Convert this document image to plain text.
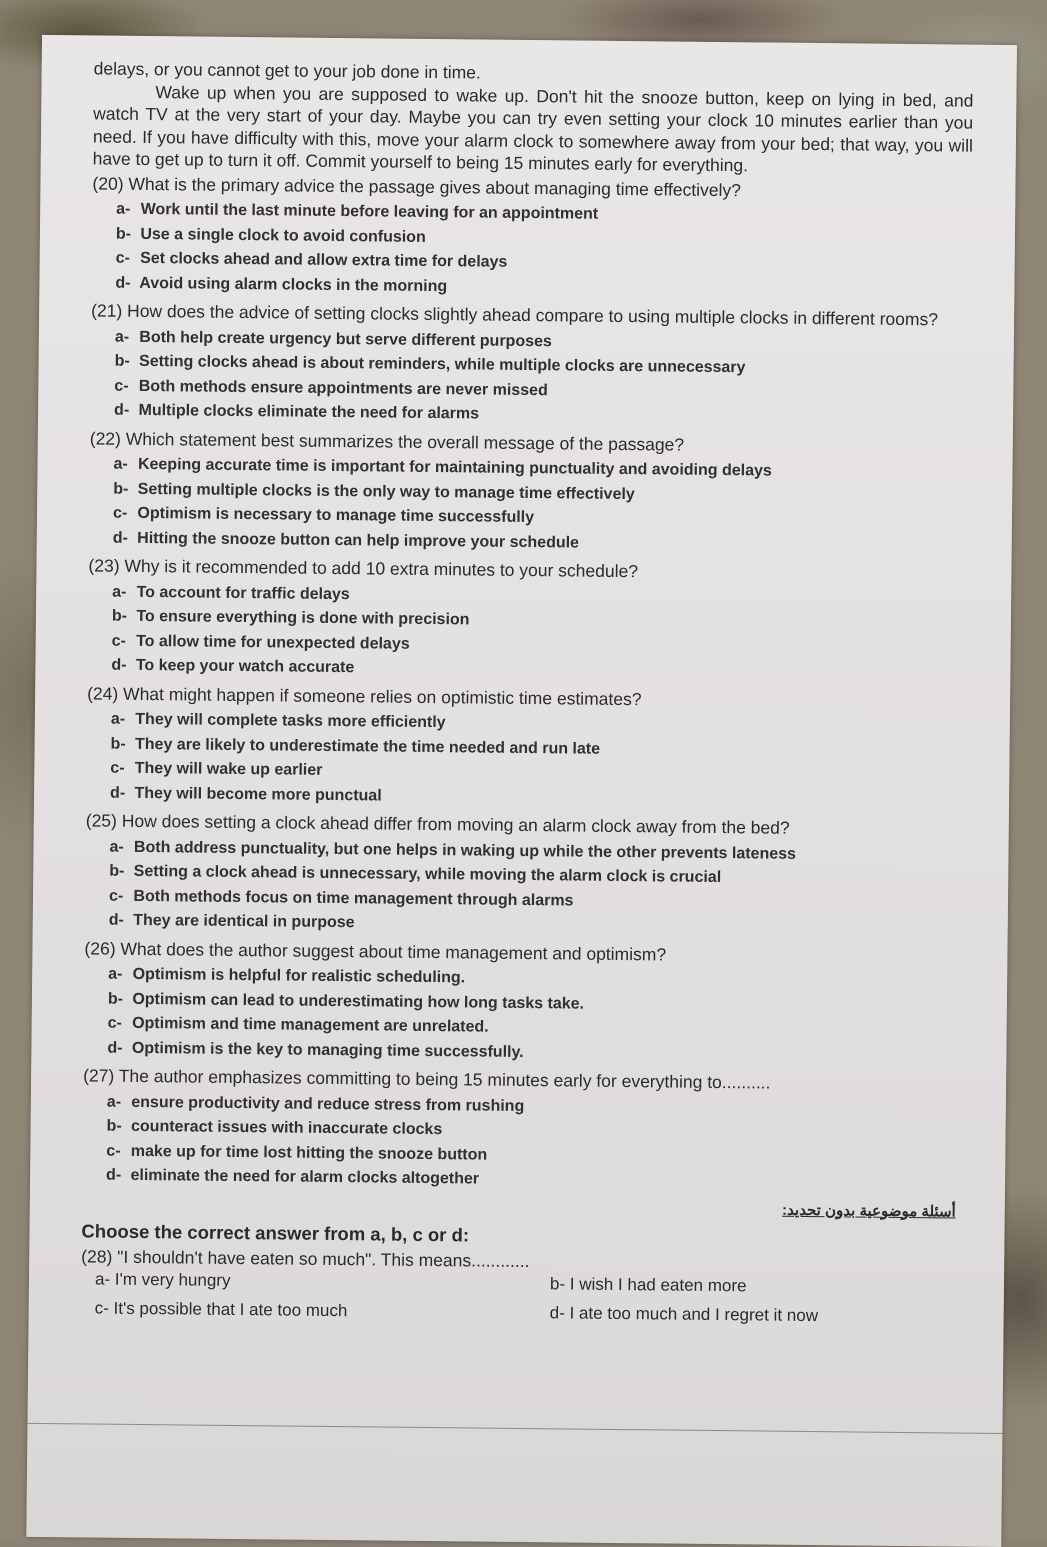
delays, or you cannot get to your job done in time.

Wake up when you are supposed to wake up. Don't hit the snooze button, keep on lying in bed, and watch TV at the very start of your day. Maybe you can try even setting your clock 10 minutes earlier than you need. If you have difficulty with this, move your alarm clock to somewhere away from your bed; that way, you will have to get up to turn it off. Commit yourself to being 15 minutes early for everything.

(20) What is the primary advice the passage gives about managing time effectively?
a- Work until the last minute before leaving for an appointment
b- Use a single clock to avoid confusion
c- Set clocks ahead and allow extra time for delays
d- Avoid using alarm clocks in the morning
(21) How does the advice of setting clocks slightly ahead compare to using multiple clocks in different rooms?
a- Both help create urgency but serve different purposes
b- Setting clocks ahead is about reminders, while multiple clocks are unnecessary
c- Both methods ensure appointments are never missed
d- Multiple clocks eliminate the need for alarms
(22) Which statement best summarizes the overall message of the passage?
a- Keeping accurate time is important for maintaining punctuality and avoiding delays
b- Setting multiple clocks is the only way to manage time effectively
c- Optimism is necessary to manage time successfully
d- Hitting the snooze button can help improve your schedule
(23) Why is it recommended to add 10 extra minutes to your schedule?
a- To account for traffic delays
b- To ensure everything is done with precision
c- To allow time for unexpected delays
d- To keep your watch accurate
(24) What might happen if someone relies on optimistic time estimates?
a- They will complete tasks more efficiently
b- They are likely to underestimate the time needed and run late
c- They will wake up earlier
d- They will become more punctual
(25) How does setting a clock ahead differ from moving an alarm clock away from the bed?
a- Both address punctuality, but one helps in waking up while the other prevents lateness
b- Setting a clock ahead is unnecessary, while moving the alarm clock is crucial
c- Both methods focus on time management through alarms
d- They are identical in purpose
(26) What does the author suggest about time management and optimism?
a- Optimism is helpful for realistic scheduling.
b- Optimism can lead to underestimating how long tasks take.
c- Optimism and time management are unrelated.
d- Optimism is the key to managing time successfully.
(27) The author emphasizes committing to being 15 minutes early for everything to..........
a- ensure productivity and reduce stress from rushing
b- counteract issues with inaccurate clocks
c- make up for time lost hitting the snooze button
d- eliminate the need for alarm clocks altogether
أسئلة موضوعية بدون تحديد:
Choose the correct answer from a, b, c or d:
(28) "I shouldn't have eaten so much". This means............
a- I'm very hungry	b- I wish I had eaten more
c- It's possible that I ate too much	d- I ate too much and I regret it now
